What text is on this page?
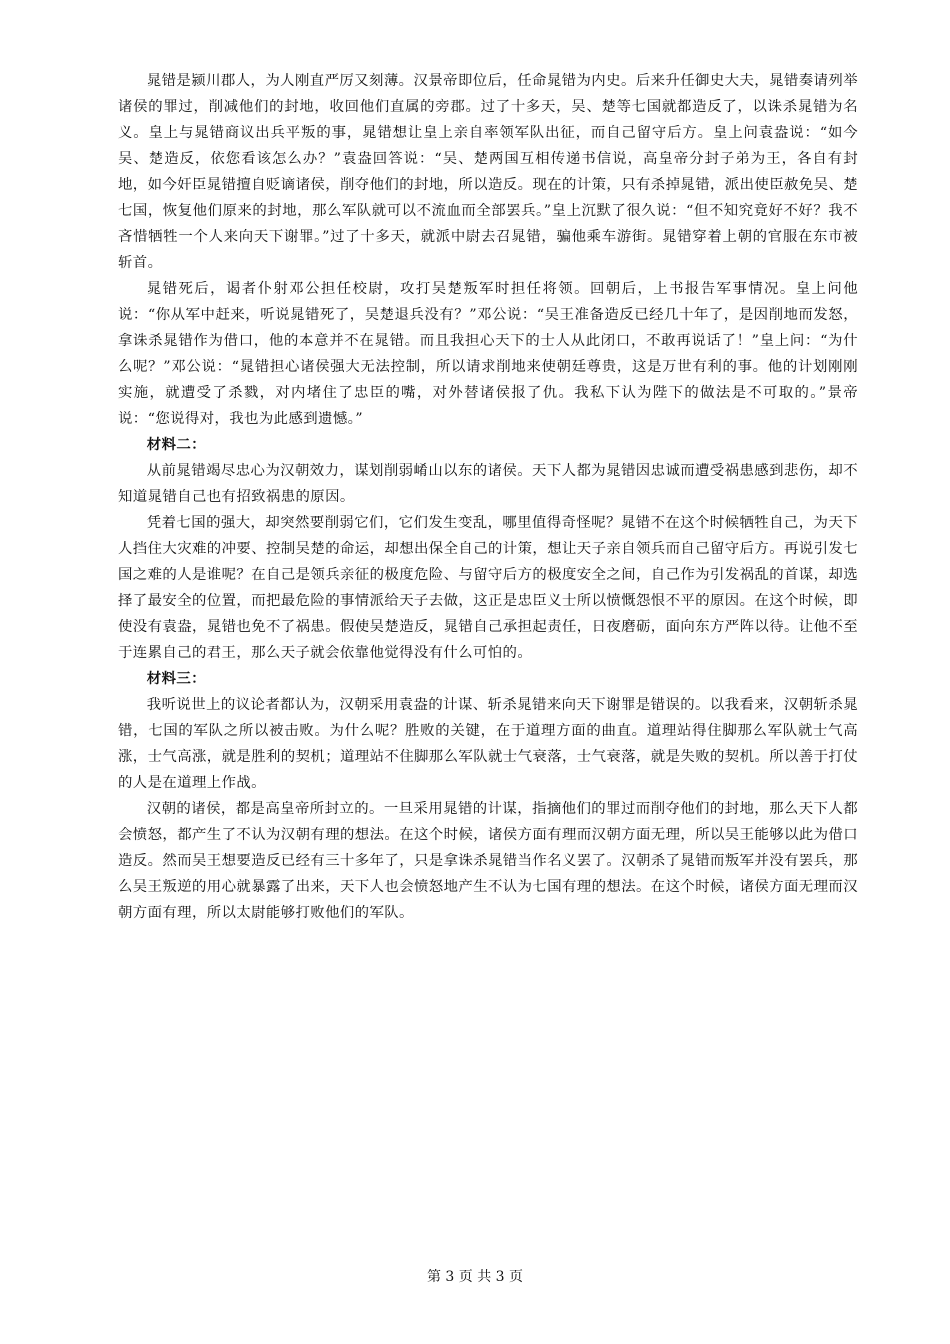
晁错是颍川郡人，为人刚直严厉又刻薄。汉景帝即位后，任命晁错为内史。后来升任御史大夫，晁错奏请列举诸侯的罪过，削减他们的封地，收回他们直属的旁郡。过了十多天，吴、楚等七国就都造反了，以诛杀晁错为名义。皇上与晁错商议出兵平叛的事，晁错想让皇上亲自率领军队出征，而自己留守后方。皇上问袁盎说：“如今吴、楚造反，依您看该怎么办？”袁盎回答说：“吴、楚两国互相传递书信说，高皇帝分封子弟为王，各自有封地，如今奸臣晁错擅自贬谪诸侯，削夺他们的封地，所以造反。现在的计策，只有杀掉晁错，派出使臣赦免吴、楚七国，恢复他们原来的封地，那么军队就可以不流血而全部罢兵。”皇上沉默了很久说：“但不知究竟好不好？我不吝惜牺牲一个人来向天下谢罪。”过了十多天，就派中尉去召晁错，骗他乘车游街。晁错穿着上朝的官服在东市被斩首。

晁错死后，谒者仆射邓公担任校尉，攻打吴楚叛军时担任将领。回朝后，上书报告军事情况。皇上问他说：“你从军中赶来，听说晁错死了，吴楚退兵没有？”邓公说：“吴王准备造反已经几十年了，是因削地而发怒，拿诛杀晁错作为借口，他的本意并不在晁错。而且我担心天下的士人从此闭口，不敢再说话了！”皇上问：“为什么呢？”邓公说：“晁错担心诸侯强大无法控制，所以请求削地来使朝廷尊贵，这是万世有利的事。他的计划刚刚实施，就遭受了杀戮，对内堵住了忠臣的嘴，对外替诸侯报了仇。我私下认为陛下的做法是不可取的。”景帝说：“您说得对，我也为此感到遗憾。”

材料二：

从前晁错竭尽忠心为汉朝效力，谋划削弱崤山以东的诸侯。天下人都为晁错因忠诚而遭受祸患感到悲伤，却不知道晁错自己也有招致祸患的原因。

凭着七国的强大，却突然要削弱它们，它们发生变乱，哪里值得奇怪呢？晁错不在这个时候牺牲自己，为天下人挡住大灾难的冲要、控制吴楚的命运，却想出保全自己的计策，想让天子亲自领兵而自己留守后方。再说引发七国之难的人是谁呢？在自己是领兵亲征的极度危险、与留守后方的极度安全之间，自己作为引发祸乱的首谋，却选择了最安全的位置，而把最危险的事情派给天子去做，这正是忠臣义士所以愤慨怨恨不平的原因。在这个时候，即使没有袁盎，晁错也免不了祸患。假使吴楚造反，晁错自己承担起责任，日夜磨砺，面向东方严阵以待。让他不至于连累自己的君王，那么天子就会依靠他觉得没有什么可怕的。

材料三：

我听说世上的议论者都认为，汉朝采用袁盎的计谋、斩杀晁错来向天下谢罪是错误的。以我看来，汉朝斩杀晁错，七国的军队之所以被击败。为什么呢？胜败的关键，在于道理方面的曲直。道理站得住脚那么军队就士气高涨，士气高涨，就是胜利的契机；道理站不住脚那么军队就士气衰落，士气衰落，就是失败的契机。所以善于打仗的人是在道理上作战。

汉朝的诸侯，都是高皇帝所封立的。一旦采用晁错的计谋，指摘他们的罪过而削夺他们的封地，那么天下人都会愤怒，都产生了不认为汉朝有理的想法。在这个时候，诸侯方面有理而汉朝方面无理，所以吴王能够以此为借口造反。然而吴王想要造反已经有三十多年了，只是拿诛杀晁错当作名义罢了。汉朝杀了晁错而叛军并没有罢兵，那么吴王叛逆的用心就暴露了出来，天下人也会愤怒地产生不认为七国有理的想法。在这个时候，诸侯方面无理而汉朝方面有理，所以太尉能够打败他们的军队。

第 3 页 共 3 页
